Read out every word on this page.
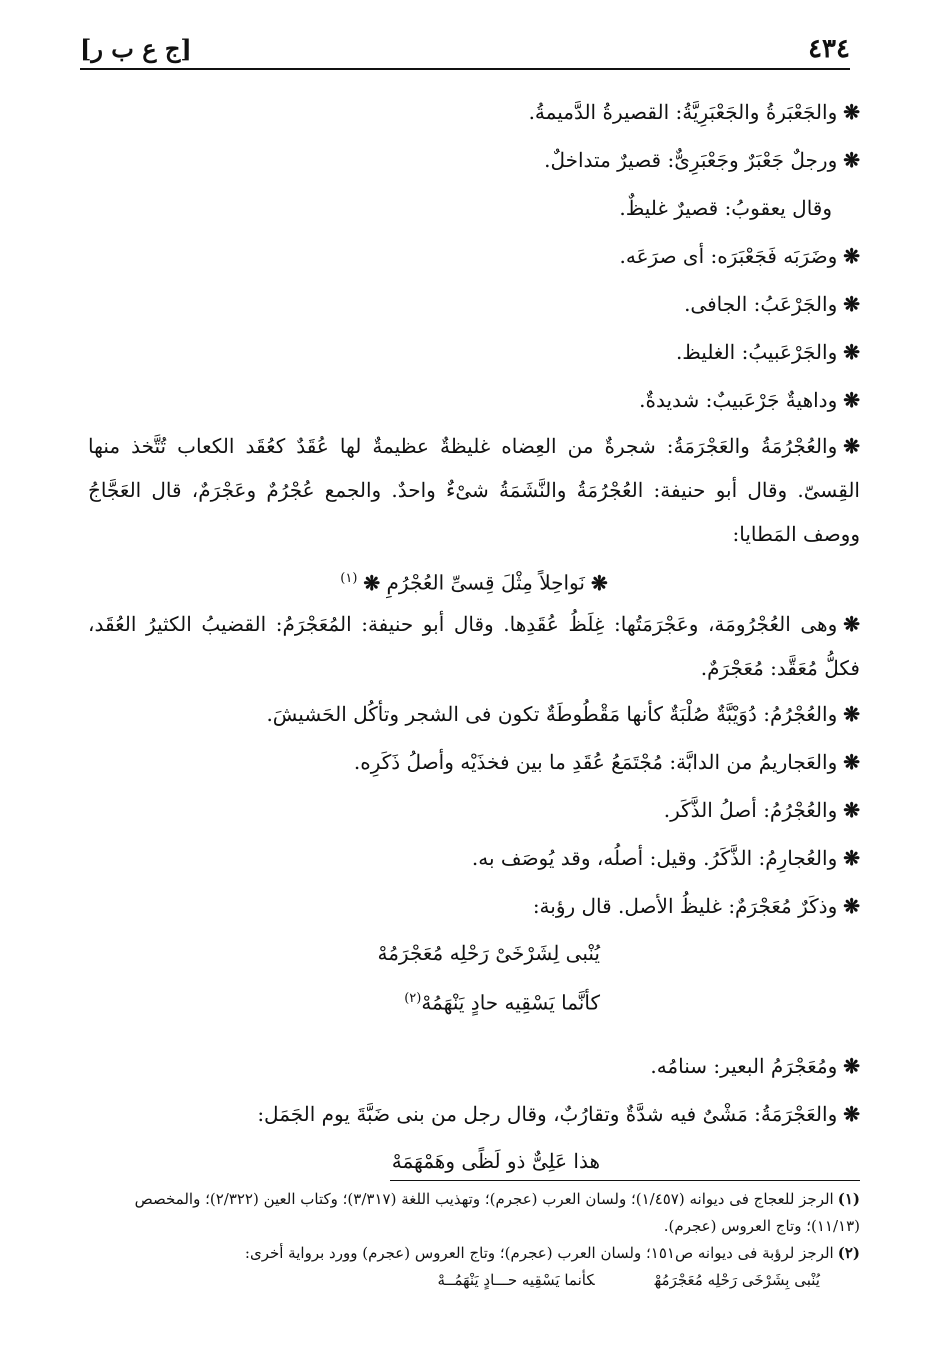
٤٣٤
[ج ع ب ر]
❋والجَعْبَرةُ والجَعْبَرِيَّةُ: القصيرةُ الدَّميمةُ.
❋ورجلٌ جَعْبَرٌ وجَعْبَرِىٌّ: قصيرٌ متداخلٌ.
وقال يعقوبُ: قصيرٌ غليظٌ.
❋وضَرَبَه فَجَعْبَرَه: أى صرَعَه.
❋والجَرْعَبُ: الجافى.
❋والجَرْعَبيبُ: الغليظ.
❋وداهيةٌ جَرْعَبيبٌ: شديدةٌ.
❋والعُجْرُمَةُ والعَجْرَمَةُ: شجرةٌ من العِضاه غليظةٌ عظيمةٌ لها عُقَدٌ كعُقَد الكعاب تُتَّخذ منها القِسىّ. وقال أبو حنيفة: العُجْرُمَةُ والنَّشَمَةُ شىْءٌ واحدٌ. والجمع عُجْرُمٌ وعَجْرَمٌ، قال العَجَّاجُ ووصف المَطايا:
❋نَواحِلاً مِثْلَ قِسىِّ العُجْرُمِ ❋$^{(١)}$
❋وهى العُجْرُومَة، وعَجْرَمَتُها: غِلَظُ عُقَدِها. وقال أبو حنيفة: المُعَجْرَمُ: القضيبُ الكثيرُ العُقَد، فكلُّ مُعَقَّد: مُعَجْرَمٌ.
❋والعُجْرُمُ: دُوَيْبَّةٌ صُلْبَةٌ كأنها مَقْطُوطَةٌ تكون فى الشجر وتأكُل الحَشيشَ.
❋والعَجاريمُ من الدابَّة: مُجْتَمَعُ عُقَدِ ما بين فخذَيْه وأصلُ ذَكَرِه.
❋والعُجْرُمُ: أصلُ الذَّكَر.
❋والعُجارِمُ: الذَّكَرُ. وقيل: أصلُه، وقد يُوصَف به.
❋وذكَرٌ مُعَجْرَمٌ: غليظُ الأصل. قال رؤبة:
يُنْبى لِشَرْخَىْ رَحْلِه مُعَجْرَمُهْ
كأنَّما يَسْقِيه حادٍ يَنْهَمُهْ$^{(٢)}$
❋ومُعَجْرَمُ البعير: سنامُه.
❋والعَجْرَمَةُ: مَشْىٌ فيه شدَّةٌ وتقارُبٌ، وقال رجل من بنى ضَبَّةَ يوم الجَمَل:
هذا عَلِىٌّ ذو لَظًى وهَمْهَمَهْ
(١)الرجز للعجاج فى ديوانه (١/٤٥٧)؛ ولسان العرب (عجرم)؛ وتهذيب اللغة (٣/٣١٧)؛ وكتاب العين (٢/٣٢٢)؛ والمخصص (١١/١٣)؛ وتاج العروس (عجرم).
(٢)الرجز لرؤبة فى ديوانه ص١٥١؛ ولسان العرب (عجرم)؛ وتاج العروس (عجرم) وورد برواية أخرى:
يُنْبى بِشَرْخَى رَحْلِه مُعَجْرَمُهْكأنما يَسْقِيه حـــادٍ يَنْهَمُــهْ
